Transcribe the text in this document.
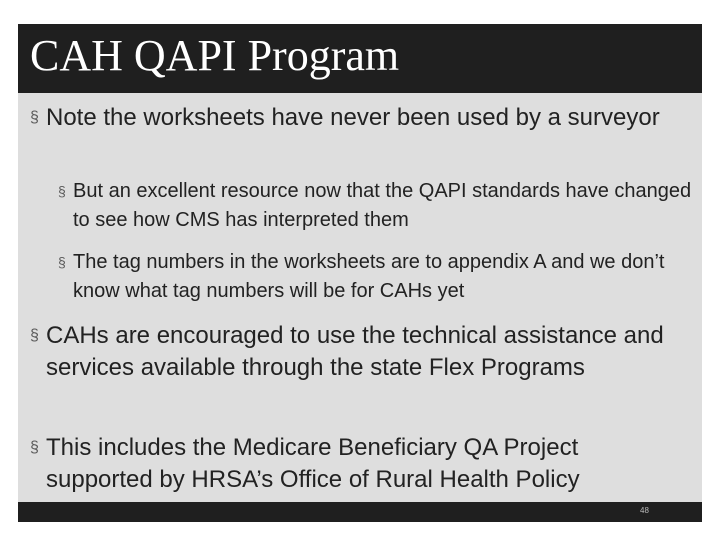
CAH QAPI Program
§ Note the worksheets have never been used by a surveyor
§ But an excellent resource now that the QAPI standards have changed to see how CMS has interpreted them
§ The tag numbers in the worksheets are to appendix A and we don’t know what tag numbers will be for CAHs yet
§ CAHs are encouraged to use the technical assistance and services available through the state Flex Programs
§ This includes the Medicare Beneficiary QA Project supported by HRSA’s Office of Rural Health Policy
48
